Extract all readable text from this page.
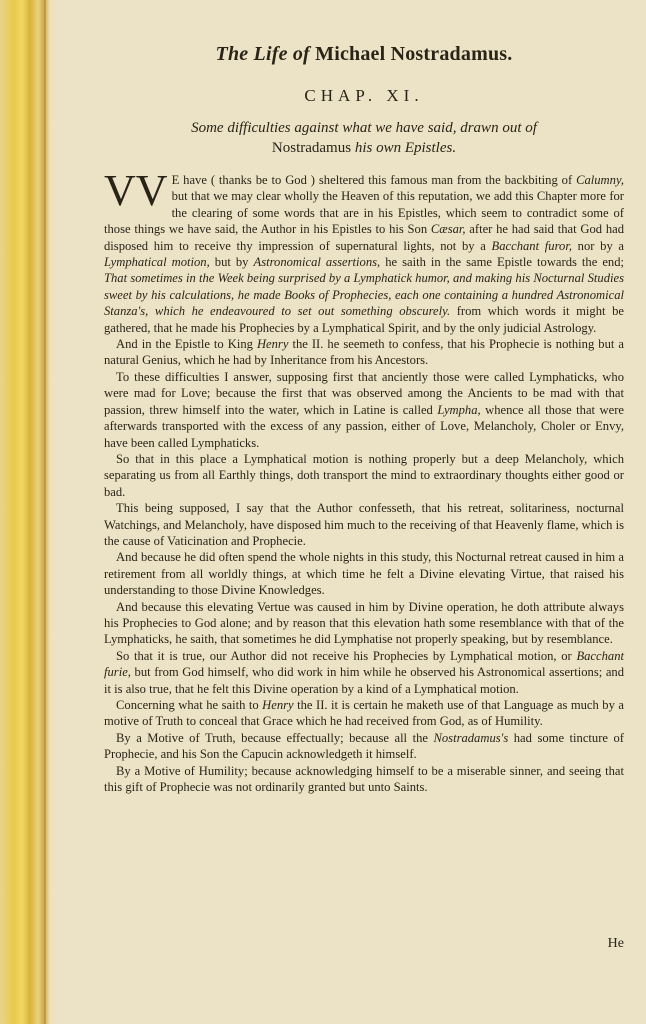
The Life of Michael Nostradamus.
CHAP. XI.
Some difficulties against what we have said, drawn out of
Nostradamus his own Epistles.

VV E have ( thanks be to God ) sheltered this famous man from the backbiting of Calumny, but that we may clear wholly the Heaven of this reputation, we add this Chapter more for the clearing of some words that are in his Epistles, which seem to contradict some of those things we have said, the Author in his Epistles to his Son Cæsar, after he had said that God had disposed him to receive thy impression of supernatural lights, not by a Bacchant furor, nor by a Lymphatical motion, but by Astronomical assertions, he saith in the same Epistle towards the end; That sometimes in the Week being surprised by a Lymphatick humor, and making his Nocturnal Studies sweet by his calculations, he made Books of Prophecies, each one containing a hundred Astronomical Stanza's, which he endeavoured to set out something obscurely. from which words it might be gathered, that he made his Prophecies by a Lymphatical Spirit, and by the only judicial Astrology.

And in the Epistle to King Henry the II. he seemeth to confess, that his Prophecie is nothing but a natural Genius, which he had by Inheritance from his Ancestors.

To these difficulties I answer, supposing first that anciently those were called Lymphaticks, who were mad for Love; because the first that was observed among the Ancients to be mad with that passion, threw himself into the water, which in Latine is called Lympha, whence all those that were afterwards transported with the excess of any passion, either of Love, Melancholy, Choler or Envy, have been called Lymphaticks.

So that in this place a Lymphatical motion is nothing properly but a deep Melancholy, which separating us from all Earthly things, doth transport the mind to extraordinary thoughts either good or bad.

This being supposed, I say that the Author confesseth, that his retreat, solitariness, nocturnal Watchings, and Melancholy, have disposed him much to the receiving of that Heavenly flame, which is the cause of Vaticination and Prophecie.

And because he did often spend the whole nights in this study, this Nocturnal retreat caused in him a retirement from all worldly things, at which time he felt a Divine elevating Virtue, that raised his understanding to those Divine Knowledges.

And because this elevating Vertue was caused in him by Divine operation, he doth attribute always his Prophecies to God alone; and by reason that this elevation hath some resemblance with that of the Lymphaticks, he saith, that sometimes he did Lymphatise not properly speaking, but by resemblance.

So that it is true, our Author did not receive his Prophecies by Lymphatical motion, or Bacchant furie, but from God himself, who did work in him while he observed his Astronomical assertions; and it is also true, that he felt this Divine operation by a kind of a Lymphatical motion.

Concerning what he saith to Henry the II. it is certain he maketh use of that Language as much by a motive of Truth to conceal that Grace which he had received from God, as of Humility.

By a Motive of Truth, because effectually; because all the Nostradamus's had some tincture of Prophecie, and his Son the Capucin acknowledgeth it himself.

By a Motive of Humility; because acknowledging himself to be a miserable sinner, and seeing that this gift of Prophecie was not ordinarily granted but unto Saints.

He
